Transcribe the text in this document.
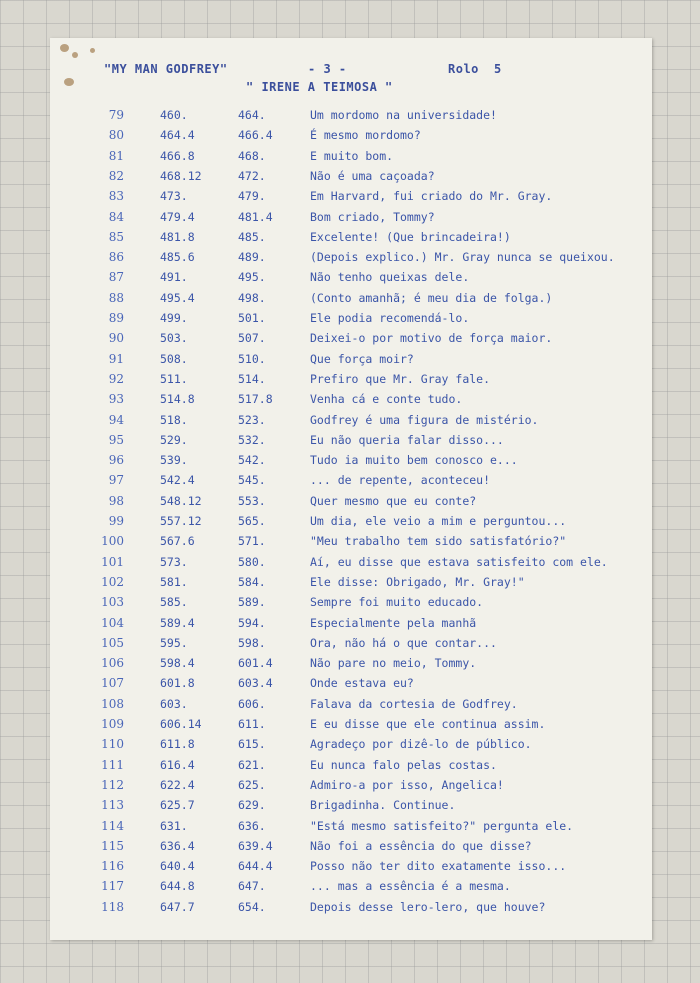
"MY MAN GODFREY"	- 3 -	Rolo 5
" IRENE A TEIMOSA "
79	460.	464.	Um mordomo na universidade!
80	464.4	466.4	É mesmo mordomo?
81	466.8	468.	E muito bom.
82	468.12	472.	Não é uma caçoada?
83	473.	479.	Em Harvard, fui criado do Mr. Gray.
84	479.4	481.4	Bom criado, Tommy?
85	481.8	485.	Excelente! (Que brincadeira!)
86	485.6	489.	(Depois explico.) Mr. Gray nunca se queixou.
87	491.	495.	Não tenho queixas dele.
88	495.4	498.	(Conto amanhã; é meu dia de folga.)
89	499.	501.	Ele podia recomendá-lo.
90	503.	507.	Deixei-o por motivo de força maior.
91	508.	510.	Que força moir?
92	511.	514.	Prefiro que Mr. Gray fale.
93	514.8	517.8	Venha cá e conte tudo.
94	518.	523.	Godfrey é uma figura de mistério.
95	529.	532.	Eu não queria falar disso...
96	539.	542.	Tudo ia muito bem conosco e...
97	542.4	545.	... de repente, aconteceu!
98	548.12	553.	Quer mesmo que eu conte?
99	557.12	565.	Um dia, ele veio a mim e perguntou...
100	567.6	571.	"Meu trabalho tem sido satisfatório?"
101	573.	580.	Aí, eu disse que estava satisfeito com ele.
102	581.	584.	Ele disse: Obrigado, Mr. Gray!"
103	585.	589.	Sempre foi muito educado.
104	589.4	594.	Especialmente pela manhã
105	595.	598.	Ora, não há o que contar...
106	598.4	601.4	Não pare no meio, Tommy.
107	601.8	603.4	Onde estava eu?
108	603.	606.	Falava da cortesia de Godfrey.
109	606.14	611.	E eu disse que ele continua assim.
110	611.8	615.	Agradeço por dizê-lo de público.
111	616.4	621.	Eu nunca falo pelas costas.
112	622.4	625.	Admiro-a por isso, Angelica!
113	625.7	629.	Brigadinha. Continue.
114	631.	636.	"Está mesmo satisfeito?" pergunta ele.
115	636.4	639.4	Não foi a essência do que disse?
116	640.4	644.4	Posso não ter dito exatamente isso...
117	644.8	647.	... mas a essência é a mesma.
118	647.7	654.	Depois desse lero-lero, que houve?
